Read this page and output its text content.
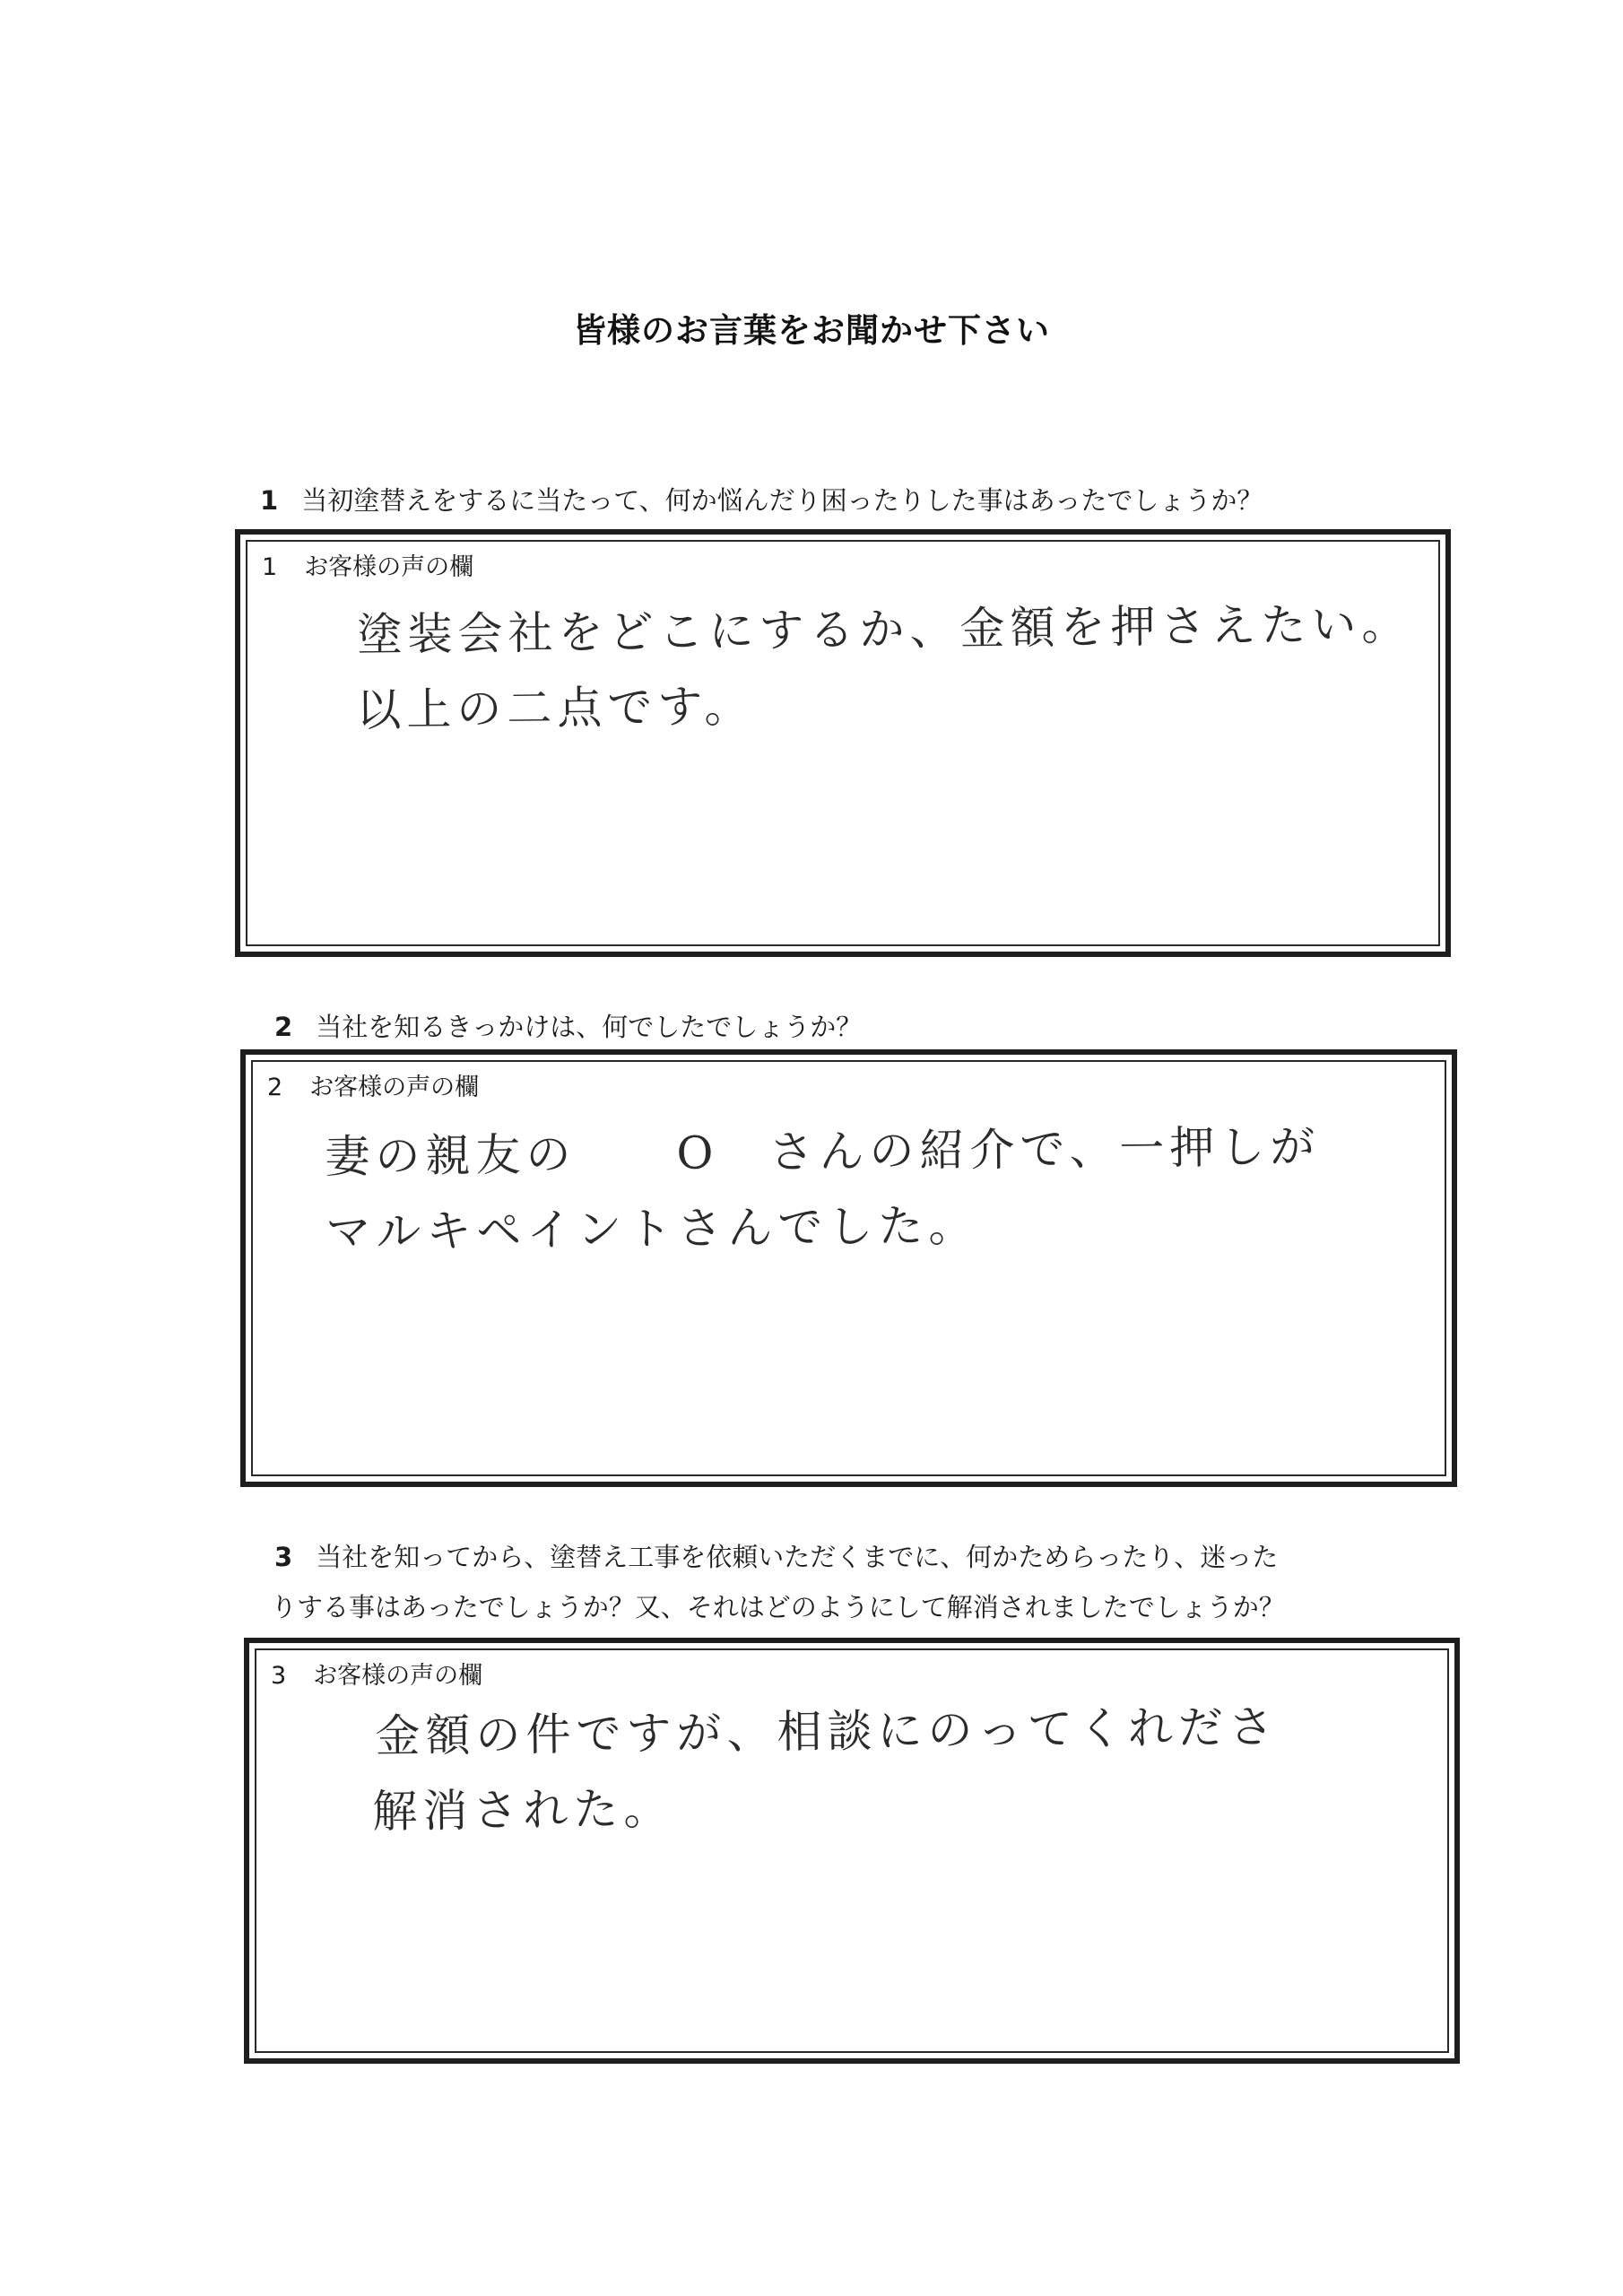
皆様のお言葉をお聞かせ下さい
1 当初塗替えをするに当たって、何か悩んだり困ったりした事はあったでしょうか？
1 お客様の声の欄
塗装会社をどこにするか、金額を押さえたい。
以上の二点です。
2 当社を知るきっかけは、何でしたでしょうか？
2 お客様の声の欄
妻の親友の　　O　さんの紹介で、一押しが
マルキペイントさんでした。
3 当社を知ってから、塗替え工事を依頼いただくまでに、何かためらったり、迷った
りする事はあったでしょうか？又、それはどのようにして解消されましたでしょうか？
3 お客様の声の欄
金額の件ですが、相談にのってくれださ
解消された。
